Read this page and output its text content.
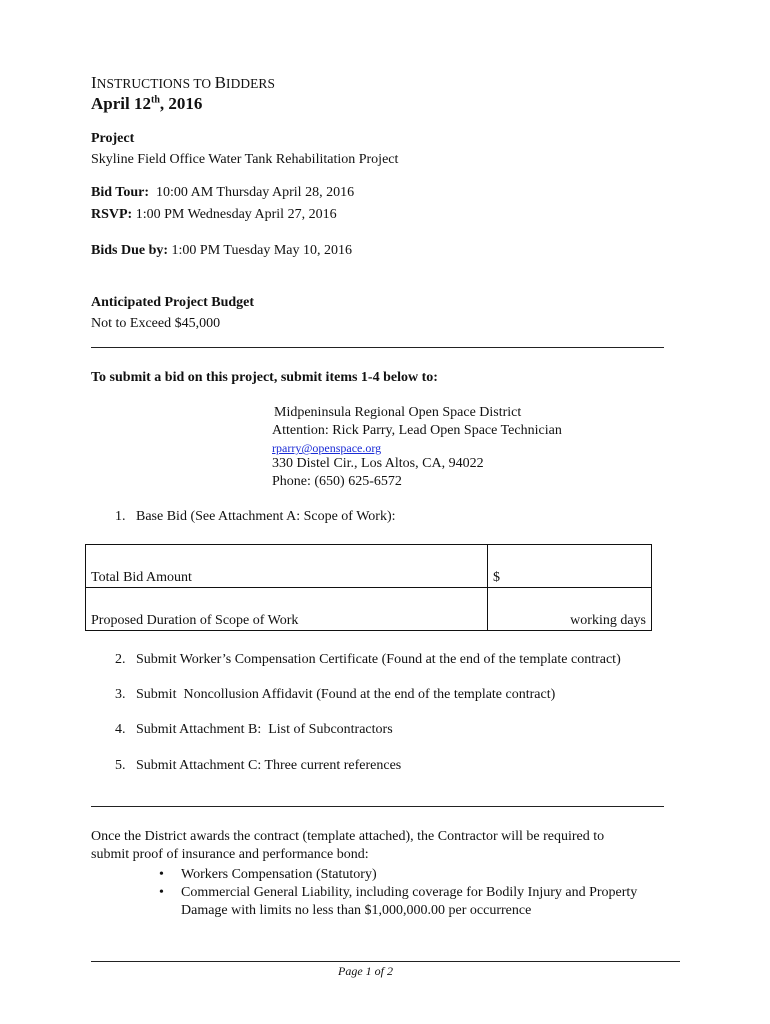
INSTRUCTIONS TO BIDDERS
April 12th, 2016
Project
Skyline Field Office Water Tank Rehabilitation Project
Bid Tour:  10:00 AM Thursday April 28, 2016
RSVP: 1:00 PM Wednesday April 27, 2016
Bids Due by: 1:00 PM Tuesday May 10, 2016
Anticipated Project Budget
Not to Exceed $45,000
To submit a bid on this project, submit items 1-4 below to:
Midpeninsula Regional Open Space District
Attention: Rick Parry, Lead Open Space Technician
rparry@openspace.org
330 Distel Cir., Los Altos, CA, 94022
Phone: (650) 625-6572
1.   Base Bid (See Attachment A: Scope of Work):
Total Bid Amount	$
Proposed Duration of Scope of Work	working days
2.   Submit Worker’s Compensation Certificate (Found at the end of the template contract)
3.   Submit  Noncollusion Affidavit (Found at the end of the template contract)
4.   Submit Attachment B:  List of Subcontractors
5.   Submit Attachment C: Three current references
Once the District awards the contract (template attached), the Contractor will be required to
submit proof of insurance and performance bond:
• Workers Compensation (Statutory)
• Commercial General Liability, including coverage for Bodily Injury and Property
Damage with limits no less than $1,000,000.00 per occurrence
Page 1 of 2
